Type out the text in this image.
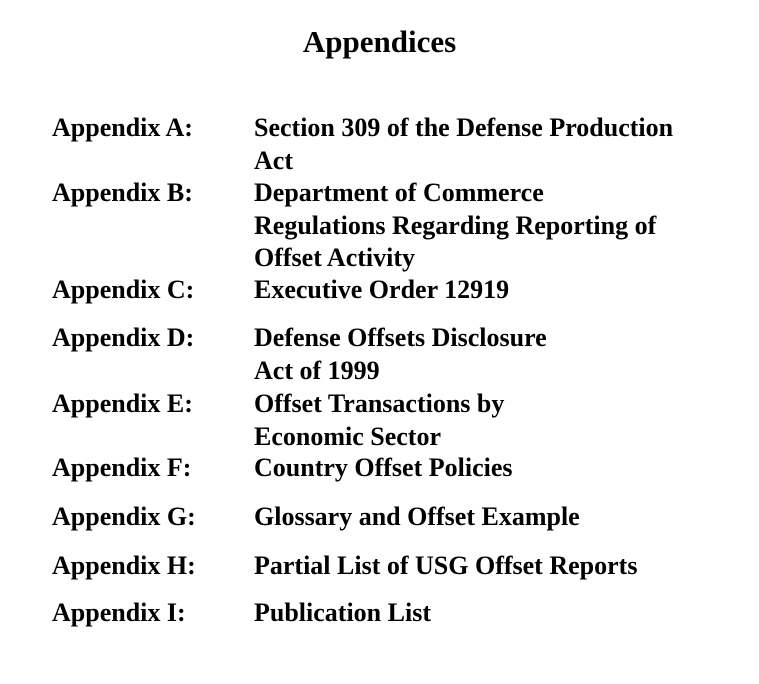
Appendices
Appendix A: Section 309 of the Defense Production
Act
Appendix B: Department of Commerce
Regulations Regarding Reporting of
Offset Activity
Appendix C: Executive Order 12919
Appendix D: Defense Offsets Disclosure
Act of 1999
Appendix E: Offset Transactions by
Economic Sector
Appendix F: Country Offset Policies
Appendix G: Glossary and Offset Example
Appendix H: Partial List of USG Offset Reports
Appendix I:	Publication List
